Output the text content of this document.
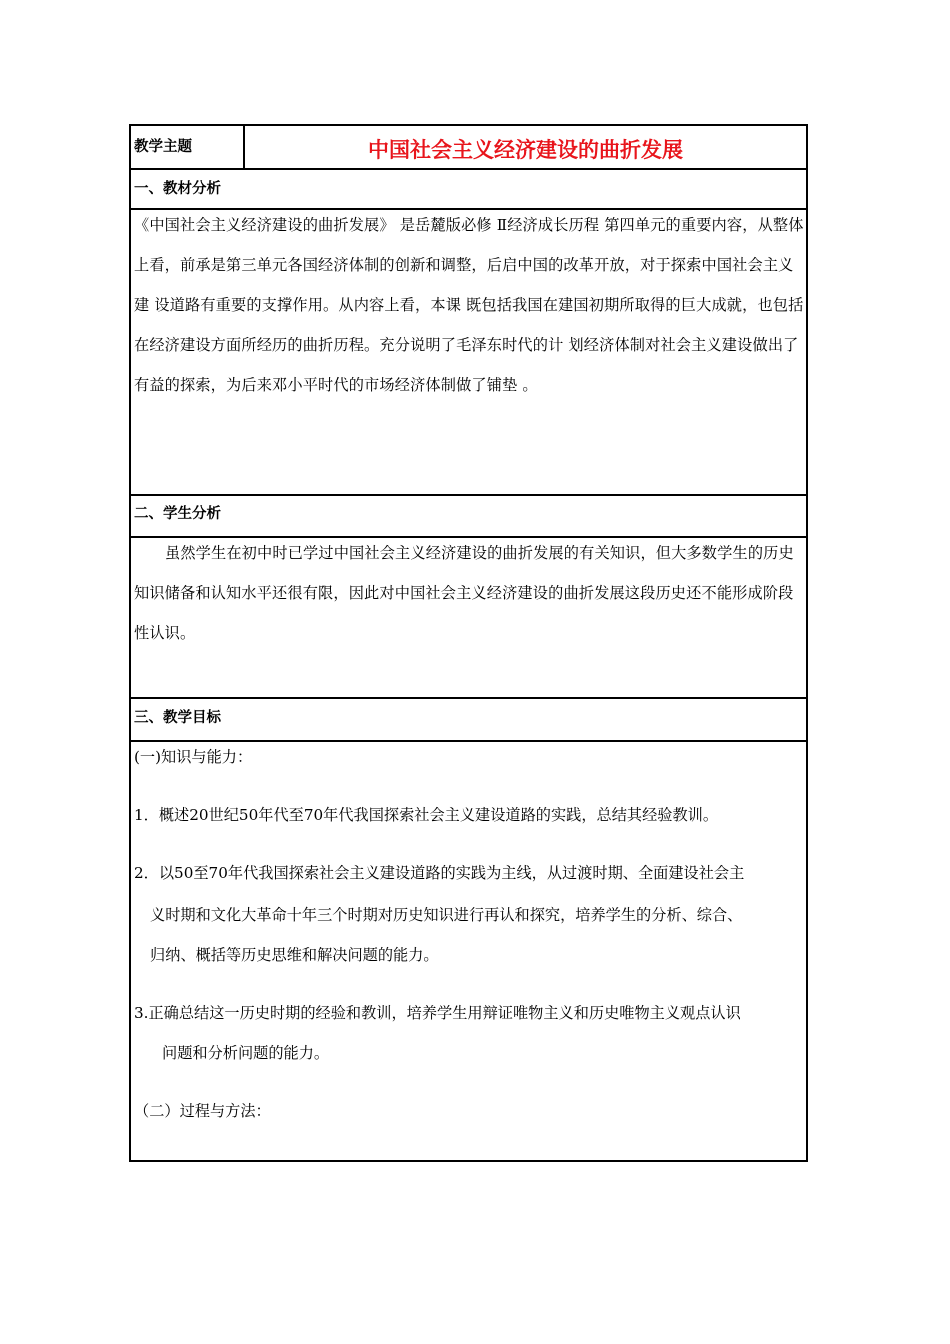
教学主题	中国社会主义经济建设的曲折发展
一、教材分析
《中国社会主义经济建设的曲折发展》 是岳麓版必修 Ⅱ经济成长历程 第四单元的重要内容，从整体上看，前承是第三单元各国经济体制的创新和调整，后启中国的改革开放，对于探索中国社会主义建 设道路有重要的支撑作用。从内容上看，本课 既包括我国在建国初期所取得的巨大成就，也包括 在经济建设方面所经历的曲折历程。充分说明了毛泽东时代的计 划经济体制对社会主义建设做出了有益的探索，为后来邓小平时代的市场经济体制做了铺垫 。
二、学生分析
虽然学生在初中时已学过中国社会主义经济建设的曲折发展的有关知识，但大多数学生的历史知识储备和认知水平还很有限，因此对中国社会主义经济建设的曲折发展这段历史还不能形成阶段性认识。
三、教学目标
(一)知识与能力：
1．概述20世纪50年代至70年代我国探索社会主义建设道路的实践，总结其经验教训。
2．以50至70年代我国探索社会主义建设道路的实践为主线，从过渡时期、全面建设社会主
义时期和文化大革命十年三个时期对历史知识进行再认和探究，培养学生的分析、综合、
归纳、概括等历史思维和解决问题的能力。
3.正确总结这一历史时期的经验和教训，培养学生用辩证唯物主义和历史唯物主义观点认识
问题和分析问题的能力。
（二）过程与方法：
